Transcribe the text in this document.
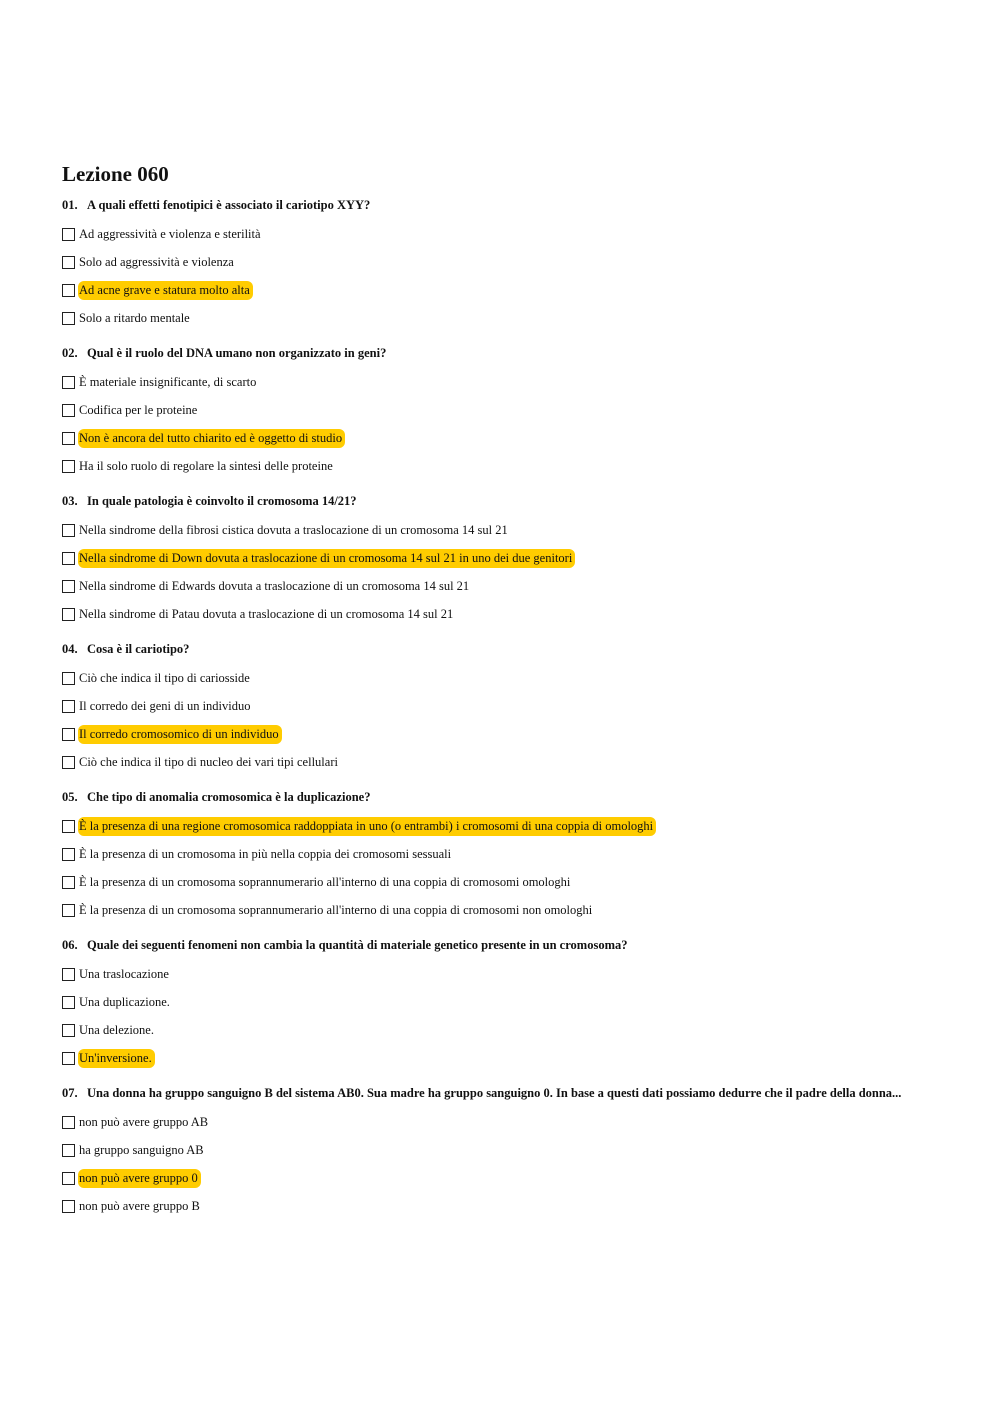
Lezione 060
01. A quali effetti fenotipici è associato il cariotipo XYY?
Ad aggressività e violenza e sterilità
Solo ad aggressività e violenza
Ad acne grave e statura molto alta
Solo a ritardo mentale
02. Qual è il ruolo del DNA umano non organizzato in geni?
È materiale insignificante, di scarto
Codifica per le proteine
Non è ancora del tutto chiarito ed è oggetto di studio
Ha il solo ruolo di regolare la sintesi delle proteine
03. In quale patologia è coinvolto il cromosoma 14/21?
Nella sindrome della fibrosi cistica dovuta a traslocazione di un cromosoma 14 sul 21
Nella sindrome di Down dovuta a traslocazione di un cromosoma 14 sul 21 in uno dei due genitori
Nella sindrome di Edwards dovuta a traslocazione di un cromosoma 14 sul 21
Nella sindrome di Patau dovuta a traslocazione di un cromosoma 14 sul 21
04. Cosa è il cariotipo?
Ciò che indica il tipo di cariosside
Il corredo dei geni di un individuo
Il corredo cromosomico di un individuo
Ciò che indica il tipo di nucleo dei vari tipi cellulari
05. Che tipo di anomalia cromosomica è la duplicazione?
È la presenza di una regione cromosomica raddoppiata in uno (o entrambi) i cromosomi di una coppia di omologhi
È la presenza di un cromosoma in più nella coppia dei cromosomi sessuali
È la presenza di un cromosoma soprannumerario all'interno di una coppia di cromosomi omologhi
È la presenza di un cromosoma soprannumerario all'interno di una coppia di cromosomi non omologhi
06. Quale dei seguenti fenomeni non cambia la quantità di materiale genetico presente in un cromosoma?
Una traslocazione
Una duplicazione.
Una delezione.
Un'inversione.
07. Una donna ha gruppo sanguigno B del sistema AB0. Sua madre ha gruppo sanguigno 0. In base a questi dati possiamo dedurre che il padre della donna...
non può avere gruppo AB
ha gruppo sanguigno AB
non può avere gruppo 0
non può avere gruppo B
